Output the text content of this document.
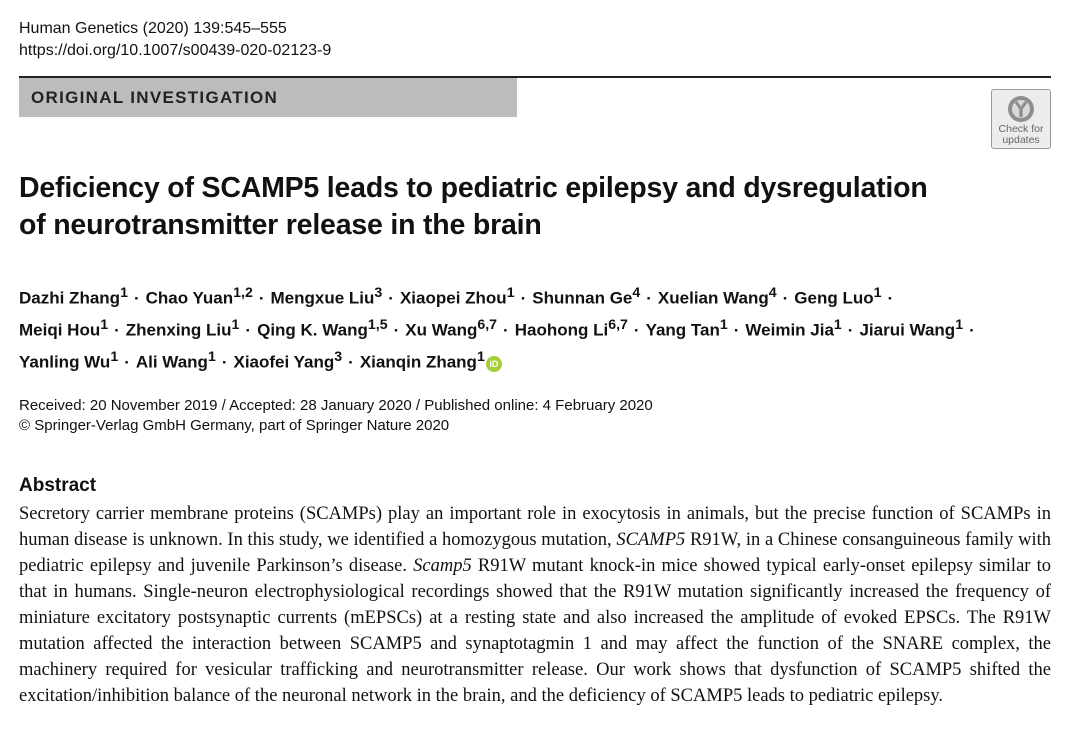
Human Genetics (2020) 139:545–555
https://doi.org/10.1007/s00439-020-02123-9
ORIGINAL INVESTIGATION
Check for
updates
Deficiency of SCAMP5 leads to pediatric epilepsy and dysregulation
of neurotransmitter release in the brain
Dazhi Zhang$^1$ · Chao Yuan$^{1,2}$ · Mengxue Liu$^3$ · Xiaopei Zhou$^1$ · Shunnan $Ge^4$ · Xuelian Wang$^4$ · Geng Luo$^1$ ·
Meiqi Hou$^1$ · Zhenxing Liu$^1$ · Qing K. Wang$^{1,5}$ · Xu Wang$^{6,7}$ · Haohong Li$^{6,7}$ · Yang Tan$^1$ · Weimin Jia$^1$ · Jiarui Wang$^1$ ·
Yanling $Wu^1$ · Ali Wang$^1$ · Xiaofei Yang$^3$ · Xianqin Zhang$^1$ iD
Received: 20 November 2019 / Accepted: 28 January 2020 / Published online: 4 February 2020
© Springer-Verlag GmbH Germany, part of Springer Nature 2020
Abstract
Secretory carrier membrane proteins (SCAMPs) play an important role in exocytosis in animals, but the precise function of SCAMPs in human disease is unknown. In this study, we identified a homozygous mutation, SCAMP5 R91W, in a Chinese consanguineous family with pediatric epilepsy and juvenile Parkinson’s disease. Scamp5 R91W mutant knock-in mice showed typical early-onset epilepsy similar to that in humans. Single-neuron electrophysiological recordings showed that the R91W mutation significantly increased the frequency of miniature excitatory postsynaptic currents (mEPSCs) at a resting state and also increased the amplitude of evoked EPSCs. The R91W mutation affected the interaction between SCAMP5 and synaptotagmin 1 and may affect the function of the SNARE complex, the machinery required for vesicular trafficking and neurotransmitter release. Our work shows that dysfunction of SCAMP5 shifted the excitation/inhibition balance of the neuronal network in the brain, and the deficiency of SCAMP5 leads to pediatric epilepsy.
